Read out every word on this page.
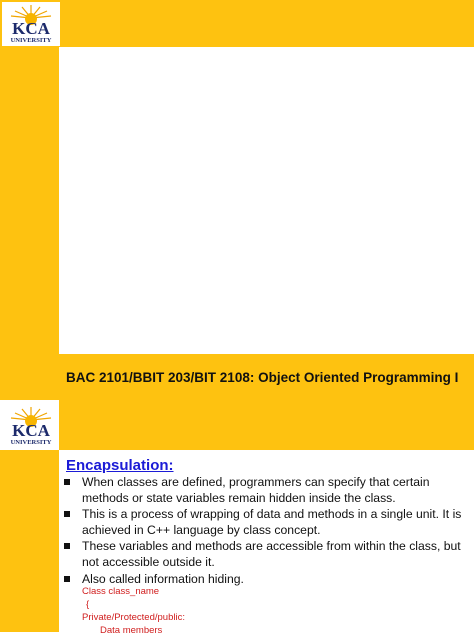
KCA
UNIVERSITY
BAC 2101/BBIT 203/BIT 2108: Object Oriented Programming I
KCA
UNIVERSITY
Encapsulation:
When classes are defined, programmers can specify that certain methods or state variables remain hidden inside the class.
This is a process of wrapping of data and methods in a single unit. It is achieved in C++ language by class concept.
These variables and methods are accessible from within the class, but not accessible outside it.
Also called information hiding.
Class class_name
{
Private/Protected/public:
Data members
